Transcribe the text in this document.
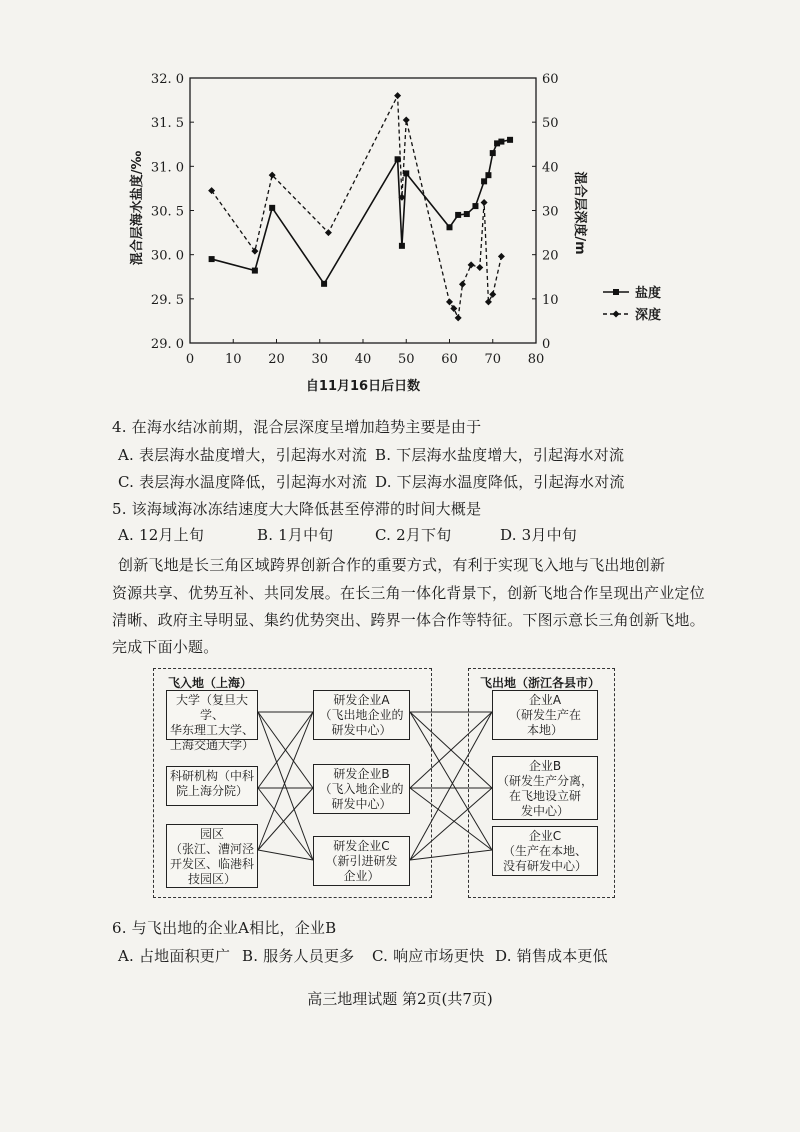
0 10 20 30 40 50 60 70 80
29. 0
29. 5
30. 0
30. 5
31. 0
31. 5
32. 0
0
10
20
30
40
50
60
盐度
深度
混合层海水盐度/‰	混合层深度/m
自11月16日后日数
4. 在海水结冰前期，混合层深度呈增加趋势主要是由于
A. 表层海水盐度增大，引起海水对流 B. 下层海水盐度增大，引起海水对流
C. 表层海水温度降低，引起海水对流 D. 下层海水温度降低，引起海水对流
5. 该海域海冰冻结速度大大降低甚至停滞的时间大概是
A. 12月上旬	B. 1月中旬	C. 2月下旬	D. 3月中旬
创新飞地是长三角区域跨界创新合作的重要方式，有利于实现飞入地与飞出地创新
资源共享、优势互补、共同发展。在长三角一体化背景下，创新飞地合作呈现出产业定位
清晰、政府主导明显、集约优势突出、跨界一体合作等特征。下图示意长三角创新飞地。
完成下面小题。
飞入地（上海）	飞出地（浙江各县市）
大学（复旦大学、
华东理工大学、
上海交通大学）
科研机构（中科
院上海分院）
园区
（张江、漕河泾
开发区、临港科
技园区）
研发企业A
（飞出地企业的
研发中心）
研发企业B
（飞入地企业的
研发中心）
研发企业C
（新引进研发
企业）
企业A
（研发生产在
本地）
企业B
（研发生产分离，
在飞地设立研
发中心）
企业C
（生产在本地、
没有研发中心）
6. 与飞出地的企业A相比，企业B
A. 占地面积更广 B. 服务人员更多 C. 响应市场更快 D. 销售成本更低
高三地理试题 第2页(共7页)
